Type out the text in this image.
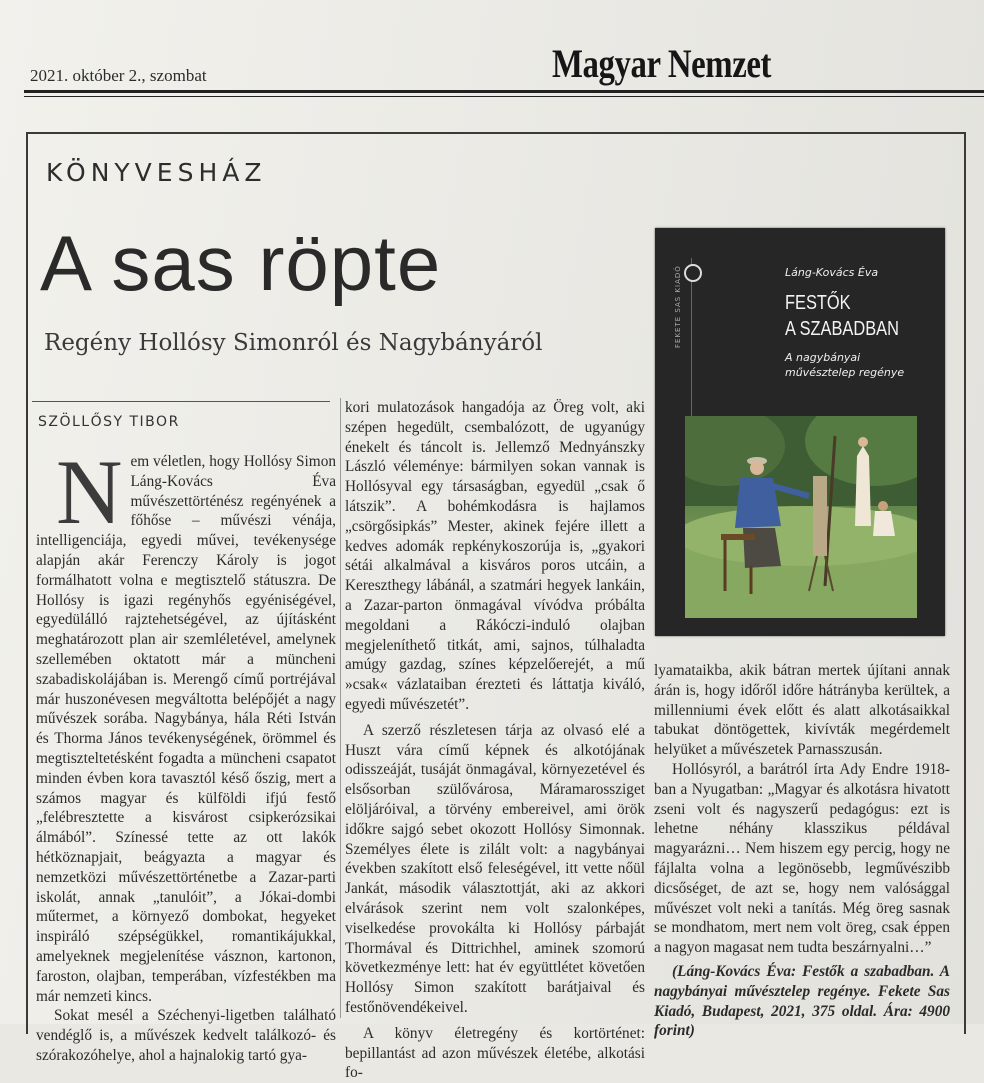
2021. október 2., szombat	Magyar Nemzet
KÖNYVESHÁZ
A sas röpte
Regény Hollósy Simonról és Nagybányáról
SZÖLLŐSY TIBOR

Nem véletlen, hogy Hollósy Simon Láng-Kovács Éva művészettörténész regényének a főhőse – művészi vénája, intelligenciája, egyedi művei, tevékenysége alapján akár Ferenczy Károly is jogot formálhatott volna e megtisztelő státuszra. De Hollósy is igazi regényhős egyéniségével, egyedülálló rajztehetségével, az újításként meghatározott plan air szemléletével, amelynek szellemében oktatott már a müncheni szabadiskolájában is. Merengő című portréjával már huszonévesen megváltotta belépőjét a nagy művészek sorába. Nagybánya, hála Réti István és Thorma János tevékenységének, örömmel és megtiszteltetésként fogadta a müncheni csapatot minden évben kora tavasztól késő őszig, mert a számos magyar és külföldi ifjú festő „felébresztette a kisvárost csipkerózsikai álmából”. Színessé tette az ott lakók hétköznapjait, beágyazta a magyar és nemzetközi művészettörténetbe a Zazar-parti iskolát, annak „tanulóit”, a Jókai-dombi műtermet, a környező dombokat, hegyeket inspiráló szépségükkel, romantikájukkal, amelyeknek megjelenítése vásznon, kartonon, faroston, olajban, temperában, vízfestékben ma már nemzeti kincs.

Sokat mesél a Széchenyi-ligetben található vendéglő is, a művészek kedvelt találkozó- és szórakozóhelye, ahol a hajnalokig tartó gya-

kori mulatozások hangadója az Öreg volt, aki szépen hegedült, csembalózott, de ugyanúgy énekelt és táncolt is. Jellemző Mednyánszky László véleménye: bármilyen sokan vannak is Hollósyval egy társaságban, egyedül „csak ő látszik”. A bohémkodásra is hajlamos „csörgősipkás” Mester, akinek fejére illett a kedves adomák repkénykoszorúja is, „gyakori sétái alkalmával a kisváros poros utcáin, a Kereszthegy lábánál, a szatmári hegyek lankáin, a Zazar-parton önmagával vívódva próbálta megoldani a Rákóczi-induló olajban megjeleníthető titkát, ami, sajnos, túlhaladta amúgy gazdag, színes képzelőerejét, a mű »csak« vázlataiban érezteti és láttatja kiváló, egyedi művészetét”.

A szerző részletesen tárja az olvasó elé a Huszt vára című képnek és alkotójának odisszeáját, tusáját önmagával, környezetével és elsősorban szülővárosa, Máramarossziget elöljáróival, a törvény embereivel, ami örök időkre sajgó sebet okozott Hollósy Simonnak. Személyes élete is zilált volt: a nagybányai években szakított első feleségével, itt vette nőül Jankát, második választottját, aki az akkori elvárások szerint nem volt szalonképes, viselkedése provokálta ki Hollósy párbaját Thormával és Dittrichhel, aminek szomorú következménye lett: hat év együttlétet követően Hollósy Simon szakított barátjaival és festőnövendékeivel.

A könyv életregény és kortörténet: bepillantást ad azon művészek életébe, alkotási fo-

FEKETE SAS KIADÓ	Láng-Kovács Éva
FESTŐK
A SZABADBAN
A nagybányai
művésztelep regénye

lyamataikba, akik bátran mertek újítani annak árán is, hogy időről időre hátrányba kerültek, a millenniumi évek előtt és alatt alkotásaikkal tabukat döntögettek, kivívták megérdemelt helyüket a művészetek Parnasszusán.

Hollósyról, a barátról írta Ady Endre 1918-ban a Nyugatban: „Magyar és alkotásra hivatott zseni volt és nagyszerű pedagógus: ezt is lehetne néhány klasszikus példával magyarázni… Nem hiszem egy percig, hogy ne fájlalta volna a legönösebb, legművészibb dicsőséget, de azt se, hogy nem valósággal művészet volt neki a tanítás. Még öreg sasnak se mondhatom, mert nem volt öreg, csak éppen a nagyon magasat nem tudta beszárnyalni…”

(Láng-Kovács Éva: Festők a szabadban. A nagybányai művésztelep regénye. Fekete Sas Kiadó, Budapest, 2021, 375 oldal. Ára: 4900 forint)
